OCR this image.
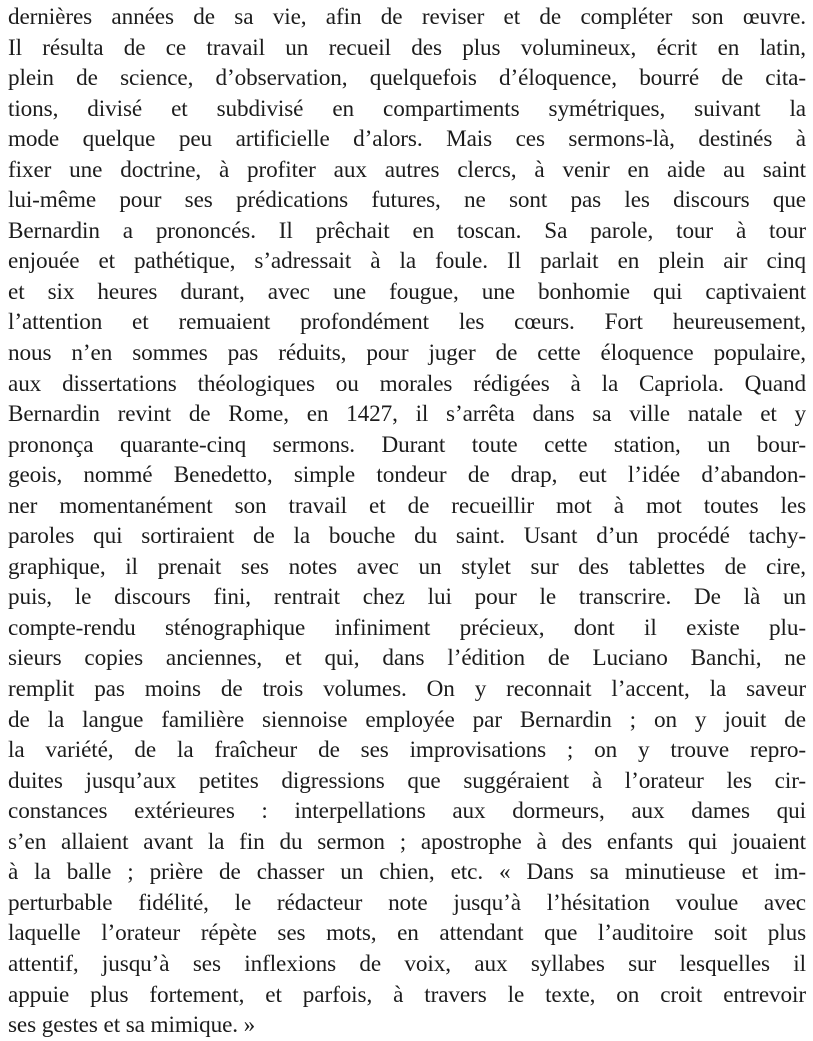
dernières années de sa vie, afin de reviser et de compléter son œuvre.
Il résulta de ce travail un recueil des plus volumineux, écrit en latin,
plein de science, d’observation, quelquefois d’éloquence, bourré de cita-
tions, divisé et subdivisé en compartiments symétriques, suivant la
mode quelque peu artificielle d’alors. Mais ces sermons-là, destinés à
fixer une doctrine, à profiter aux autres clercs, à venir en aide au saint
lui-même pour ses prédications futures, ne sont pas les discours que
Bernardin a prononcés. Il prêchait en toscan. Sa parole, tour à tour
enjouée et pathétique, s’adressait à la foule. Il parlait en plein air cinq
et six heures durant, avec une fougue, une bonhomie qui captivaient
l’attention et remuaient profondément les cœurs. Fort heureusement,
nous n’en sommes pas réduits, pour juger de cette éloquence populaire,
aux dissertations théologiques ou morales rédigées à la Capriola. Quand
Bernardin revint de Rome, en 1427, il s’arrêta dans sa ville natale et y
prononça quarante-cinq sermons. Durant toute cette station, un bour-
geois, nommé Benedetto, simple tondeur de drap, eut l’idée d’abandon-
ner momentanément son travail et de recueillir mot à mot toutes les
paroles qui sortiraient de la bouche du saint. Usant d’un procédé tachy-
graphique, il prenait ses notes avec un stylet sur des tablettes de cire,
puis, le discours fini, rentrait chez lui pour le transcrire. De là un
compte-rendu sténographique infiniment précieux, dont il existe plu-
sieurs copies anciennes, et qui, dans l’édition de Luciano Banchi, ne
remplit pas moins de trois volumes. On y reconnait l’accent, la saveur
de la langue familière siennoise employée par Bernardin ; on y jouit de
la variété, de la fraîcheur de ses improvisations ; on y trouve repro-
duites jusqu’aux petites digressions que suggéraient à l’orateur les cir-
constances extérieures : interpellations aux dormeurs, aux dames qui
s’en allaient avant la fin du sermon ; apostrophe à des enfants qui jouaient
à la balle ; prière de chasser un chien, etc. « Dans sa minutieuse et im-
perturbable fidélité, le rédacteur note jusqu’à l’hésitation voulue avec
laquelle l’orateur répète ses mots, en attendant que l’auditoire soit plus
attentif, jusqu’à ses inflexions de voix, aux syllabes sur lesquelles il
appuie plus fortement, et parfois, à travers le texte, on croit entrevoir
ses gestes et sa mimique. »
